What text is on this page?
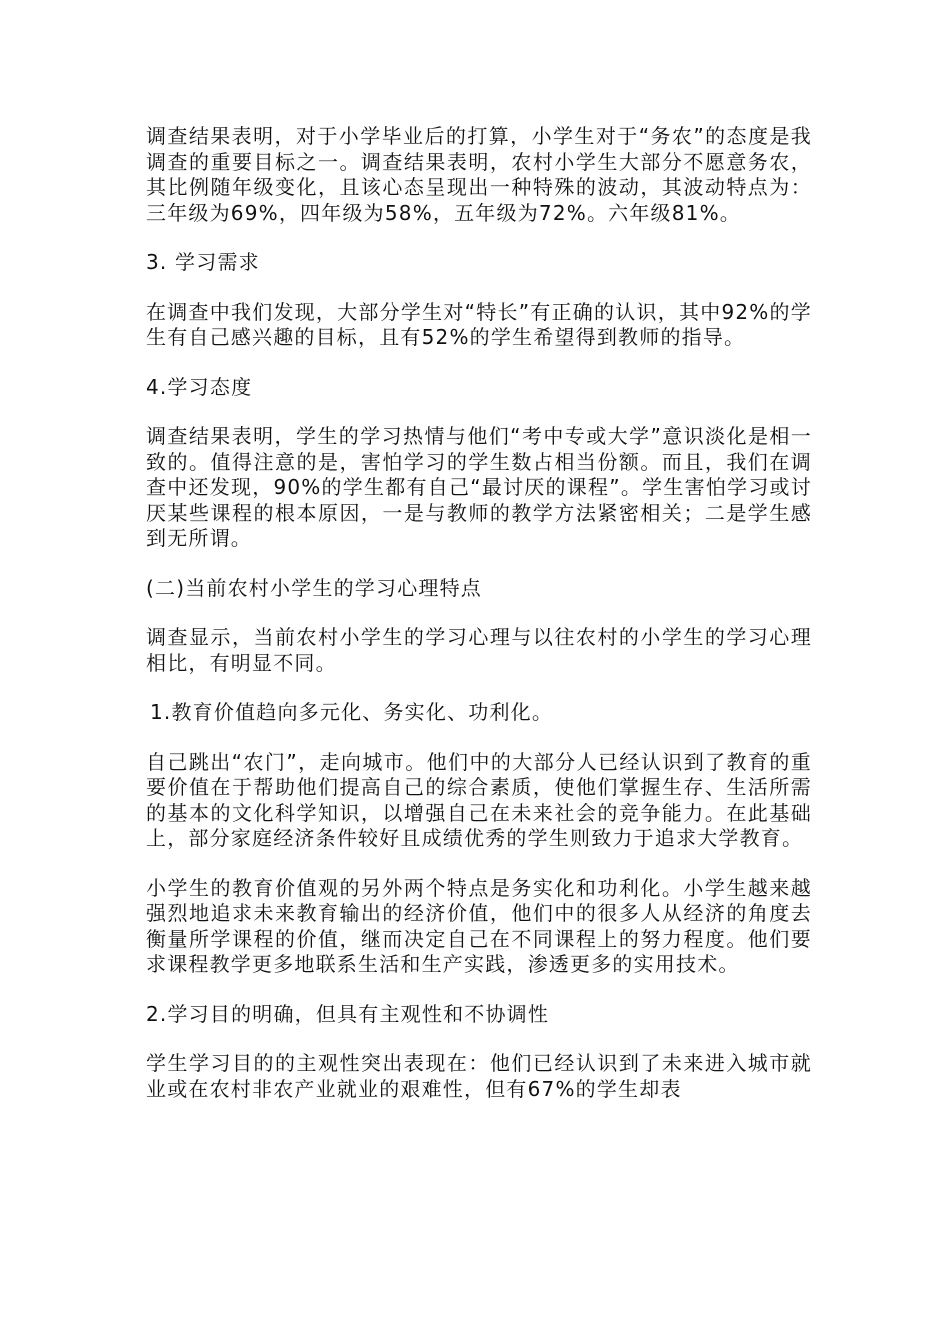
调查结果表明，对于小学毕业后的打算，小学生对于“务农”的态度是我调查的重要目标之一。调查结果表明，农村小学生大部分不愿意务农，其比例随年级变化，且该心态呈现出一种特殊的波动，其波动特点为：三年级为69%，四年级为58%，五年级为72%。六年级81%。

3. 学习需求

在调查中我们发现，大部分学生对“特长”有正确的认识，其中92%的学生有自己感兴趣的目标，且有52%的学生希望得到教师的指导。

4.学习态度

调查结果表明，学生的学习热情与他们“考中专或大学”意识淡化是相一致的。值得注意的是，害怕学习的学生数占相当份额。而且，我们在调查中还发现，90%的学生都有自己“最讨厌的课程”。学生害怕学习或讨厌某些课程的根本原因，一是与教师的教学方法紧密相关；二是学生感到无所谓。

(二)当前农村小学生的学习心理特点

调查显示，当前农村小学生的学习心理与以往农村的小学生的学习心理相比，有明显不同。

1.教育价值趋向多元化、务实化、功利化。

自己跳出“农门”，走向城市。他们中的大部分人已经认识到了教育的重要价值在于帮助他们提高自己的综合素质，使他们掌握生存、生活所需的基本的文化科学知识，以增强自己在未来社会的竞争能力。在此基础上，部分家庭经济条件较好且成绩优秀的学生则致力于追求大学教育。

小学生的教育价值观的另外两个特点是务实化和功利化。小学生越来越强烈地追求未来教育输出的经济价值，他们中的很多人从经济的角度去衡量所学课程的价值，继而决定自己在不同课程上的努力程度。他们要求课程教学更多地联系生活和生产实践，渗透更多的实用技术。

2.学习目的明确，但具有主观性和不协调性

学生学习目的的主观性突出表现在：他们已经认识到了未来进入城市就业或在农村非农产业就业的艰难性，但有67%的学生却表
